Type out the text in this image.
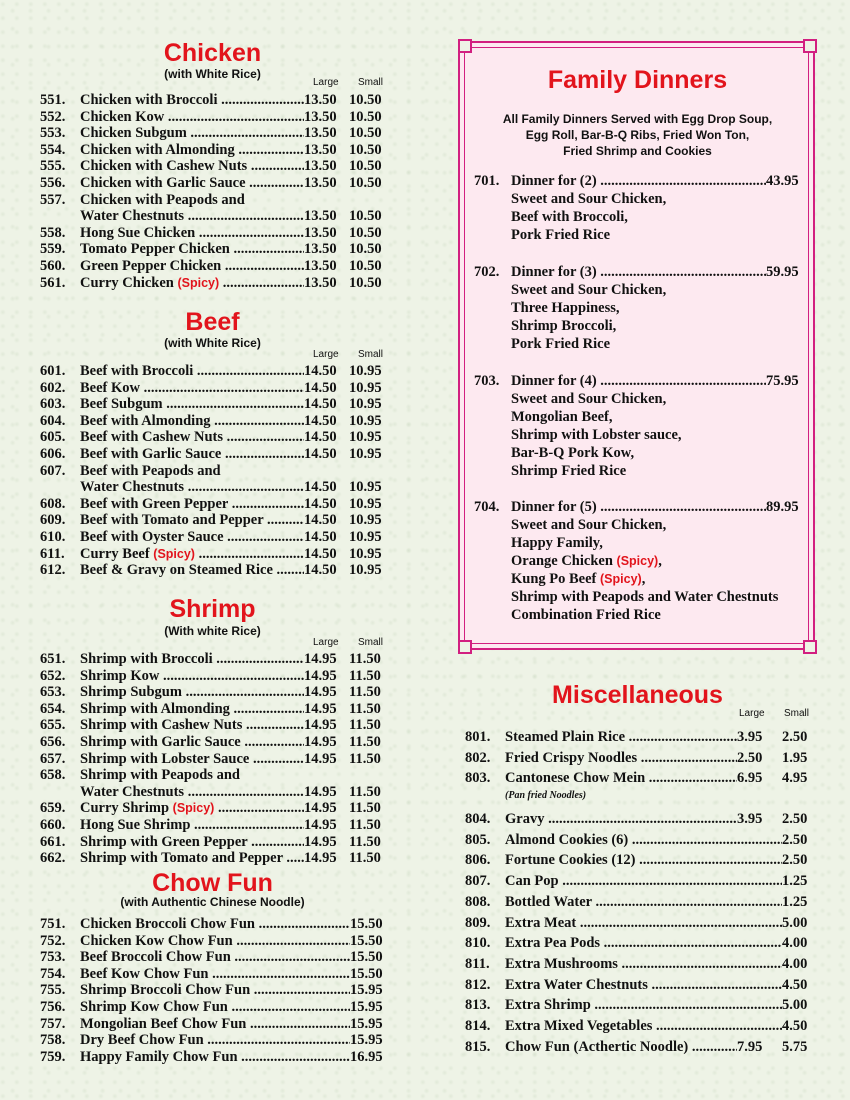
Chicken
(with White Rice)
Large Small
551. Chicken with Broccoli .....	13.50 10.50
552. Chicken Kow .....	13.50 10.50
553. Chicken Subgum .....	13.50 10.50
554. Chicken with Almonding .....	13.50 10.50
555. Chicken with Cashew Nuts .....	13.50 10.50
556. Chicken with Garlic Sauce .....	13.50 10.50
557. Chicken with Peapods and
Water Chestnuts .....	13.50 10.50
558. Hong Sue Chicken .....	13.50 10.50
559. Tomato Pepper Chicken .....	13.50 10.50
560. Green Pepper Chicken .....	13.50 10.50
561. Curry Chicken (Spicy) .....	13.50 10.50
Beef
(with White Rice)
Large Small
601. Beef with Broccoli .....	14.50 10.95
602. Beef Kow .....	14.50 10.95
603. Beef Subgum .....	14.50 10.95
604. Beef with Almonding .....	14.50 10.95
605. Beef with Cashew Nuts .....	14.50 10.95
606. Beef with Garlic Sauce .....	14.50 10.95
607. Beef with Peapods and
Water Chestnuts .....	14.50 10.95
608. Beef with Green Pepper .....	14.50 10.95
609. Beef with Tomato and Pepper .....	14.50 10.95
610. Beef with Oyster Sauce .....	14.50 10.95
611. Curry Beef (Spicy) .....	14.50 10.95
612. Beef & Gravy on Steamed Rice .....	14.50 10.95
Shrimp
(With white Rice)
Large Small
651. Shrimp with Broccoli .....	14.95 11.50
652. Shrimp Kow .....	14.95 11.50
653. Shrimp Subgum .....	14.95 11.50
654. Shrimp with Almonding .....	14.95 11.50
655. Shrimp with Cashew Nuts .....	14.95 11.50
656. Shrimp with Garlic Sauce .....	14.95 11.50
657. Shrimp with Lobster Sauce .....	14.95 11.50
658. Shrimp with Peapods and
Water Chestnuts .....	14.95 11.50
659. Curry Shrimp (Spicy) .....	14.95 11.50
660. Hong Sue Shrimp .....	14.95 11.50
661. Shrimp with Green Pepper .....	14.95 11.50
662. Shrimp with Tomato and Pepper .....	14.95 11.50
Chow Fun
(with Authentic Chinese Noodle)
751. Chicken Broccoli Chow Fun .....	15.50
752. Chicken Kow Chow Fun .....	15.50
753. Beef Broccoli Chow Fun .....	15.50
754. Beef Kow Chow Fun .....	15.50
755. Shrimp Broccoli Chow Fun .....	15.95
756. Shrimp Kow Chow Fun .....	15.95
757. Mongolian Beef Chow Fun .....	15.95
758. Dry Beef Chow Fun .....	15.95
759. Happy Family Chow Fun .....	16.95
Family Dinners
All Family Dinners Served with Egg Drop Soup,
Egg Roll, Bar-B-Q Ribs, Fried Won Ton,
Fried Shrimp and Cookies
701. Dinner for (2) .....	43.95
Sweet and Sour Chicken,
Beef with Broccoli,
Pork Fried Rice
702. Dinner for (3) .....	59.95
Sweet and Sour Chicken,
Three Happiness,
Shrimp Broccoli,
Pork Fried Rice
703. Dinner for (4) .....	75.95
Sweet and Sour Chicken,
Mongolian Beef,
Shrimp with Lobster sauce,
Bar-B-Q Pork Kow,
Shrimp Fried Rice
704. Dinner for (5) .....	89.95
Sweet and Sour Chicken,
Happy Family,
Orange Chicken (Spicy),
Kung Po Beef (Spicy),
Shrimp with Peapods and Water Chestnuts
Combination Fried Rice
Miscellaneous
Large Small
801. Steamed Plain Rice .....	3.95 2.50
802. Fried Crispy Noodles .....	2.50 1.95
803. Cantonese Chow Mein .....	6.95 4.95
(Pan fried Noodles)
804. Gravy .....	3.95 2.50
805. Almond Cookies (6) .....	2.50
806. Fortune Cookies (12) .....	2.50
807. Can Pop .....	1.25
808. Bottled Water .....	1.25
809. Extra Meat .....	5.00
810. Extra Pea Pods .....	4.00
811. Extra Mushrooms .....	4.00
812. Extra Water Chestnuts .....	4.50
813. Extra Shrimp .....	5.00
814. Extra Mixed Vegetables .....	4.50
815. Chow Fun (Acthertic Noodle) .....	7.95 5.75
